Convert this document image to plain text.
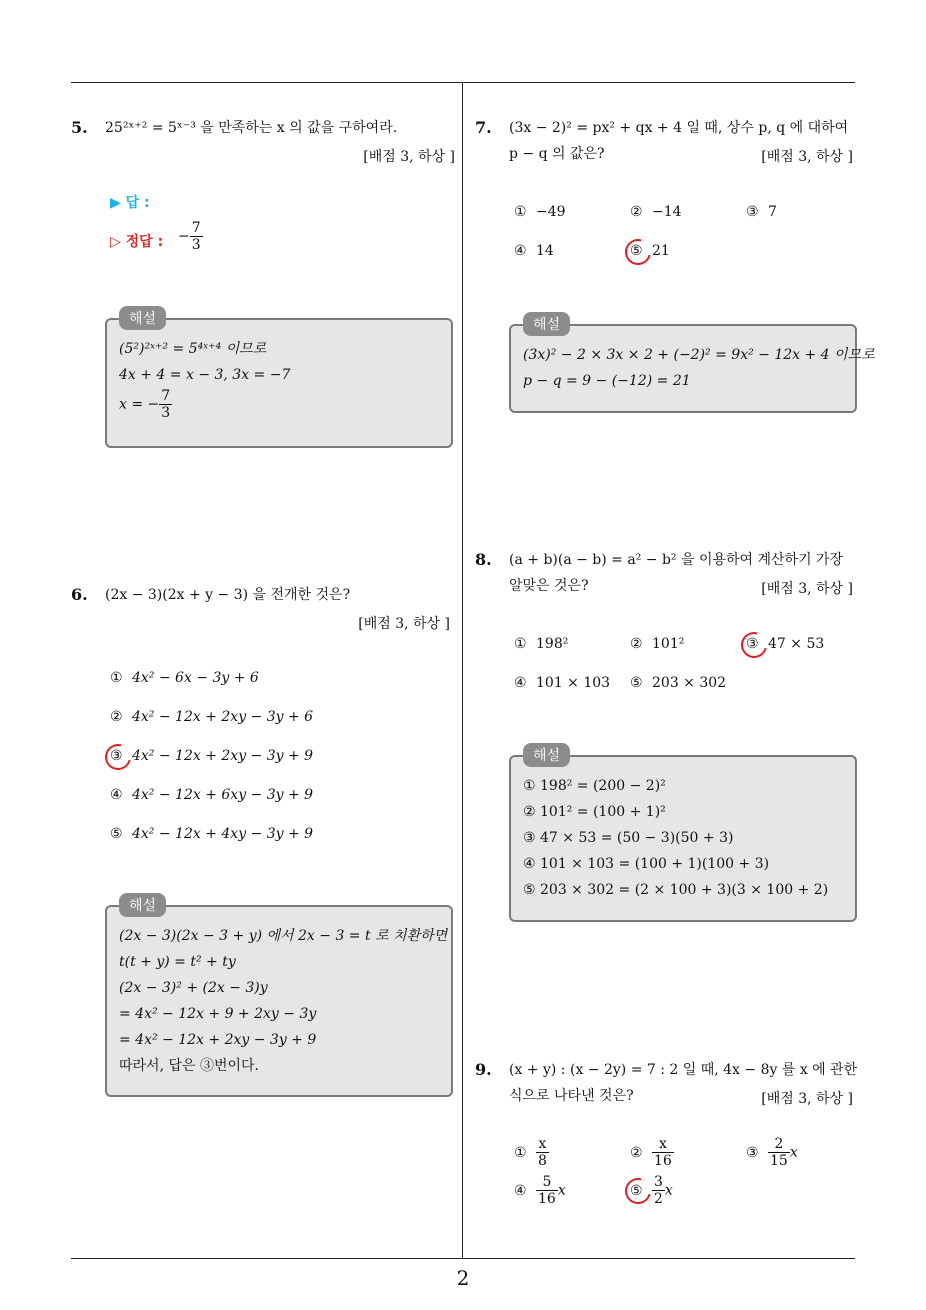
2
5. 25²ˣ⁺² = 5ˣ⁻³ 을 만족하는 x 의 값을 구하여라.
[배점 3, 하상 ]
▶ 답 :
▷ 정답 : − $\frac{7}{3}$
해설
(5²)²ˣ⁺² = 5⁴ˣ⁺⁴ 이므로
4x + 4 = x − 3, 3x = −7
x = − $\frac{7}{3}$
6. (2x − 3)(2x + y − 3) 을 전개한 것은?
[배점 3, 하상 ]
① 4x² − 6x − 3y + 6
② 4x² − 12x + 2xy − 3y + 6
③ 4x² − 12x + 2xy − 3y + 9
④ 4x² − 12x + 6xy − 3y + 9
⑤ 4x² − 12x + 4xy − 3y + 9
해설
(2x − 3)(2x − 3 + y) 에서 2x − 3 = t 로 치환하면
t(t + y) = t² + ty
(2x − 3)² + (2x − 3)y
= 4x² − 12x + 9 + 2xy − 3y
= 4x² − 12x + 2xy − 3y + 9
따라서, 답은 ③번이다.
7. (3x − 2)² = px² + qx + 4 일 때, 상수 p, q 에 대하여
p − q 의 값은?	[배점 3, 하상 ]
① −49	② −14	③ 7
④ 14	⑤ 21
해설
(3x)² − 2 × 3x × 2 + (−2)² = 9x² − 12x + 4 이므로
p − q = 9 − (−12) = 21
8. (a + b)(a − b) = a² − b² 을 이용하여 계산하기 가장
알맞은 것은?	[배점 3, 하상 ]
① 198²	② 101²	③ 47 × 53
④ 101 × 103 ⑤ 203 × 302
해설
① 198² = (200 − 2)²
② 101² = (100 + 1)²
③ 47 × 53 = (50 − 3)(50 + 3)
④ 101 × 103 = (100 + 1)(100 + 3)
⑤ 203 × 302 = (2 × 100 + 3)(3 × 100 + 2)
9. (x + y) : (x − 2y) = 7 : 2 일 때, 4x − 8y 를 x 에 관한
식으로 나타낸 것은?	[배점 3, 하상 ]
① $\frac{x}{8}$	② $\frac{x}{16}$	③ $\frac{2}{15}$ x
④ $\frac{5}{16}$ x	⑤ $\frac{3}{2}$ x
